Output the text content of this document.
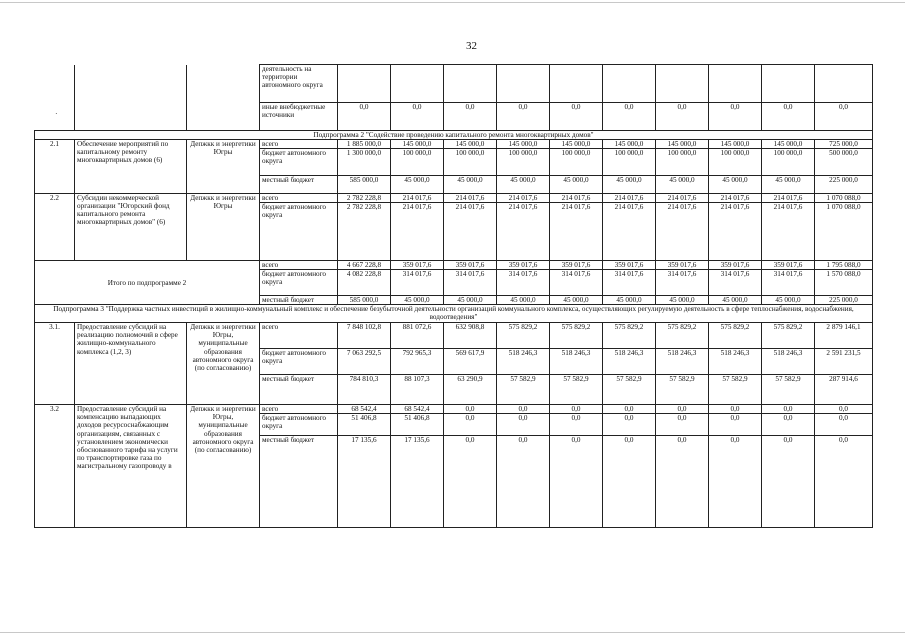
32
.			деятельность на территории автономного округа										
			иные внебюджетные источники	0,0	0,0	0,0	0,0	0,0	0,0	0,0	0,0	0,0	0,0
Подпрограмма 2 "Содействие проведению капитального ремонта многоквартирных домов"													
2.1	Обеспечение мероприятий по капитальному ремонту многоквартирных домов (6)	Депжкк и энергетики Югры	всего	1 885 000,0	145 000,0	145 000,0	145 000,0	145 000,0	145 000,0	145 000,0	145 000,0	145 000,0	725 000,0
			бюджет автономного округа	1 300 000,0	100 000,0	100 000,0	100 000,0	100 000,0	100 000,0	100 000,0	100 000,0	100 000,0	500 000,0
			местный бюджет	585 000,0	45 000,0	45 000,0	45 000,0	45 000,0	45 000,0	45 000,0	45 000,0	45 000,0	225 000,0
2.2	Субсидии некоммерческой организации "Югорский фонд капитального ремонта многоквартирных домов" (6)	Депжкк и энергетики Югры	всего	2 782 228,8	214 017,6	214 017,6	214 017,6	214 017,6	214 017,6	214 017,6	214 017,6	214 017,6	1 070 088,0
			бюджет автономного округа	2 782 228,8	214 017,6	214 017,6	214 017,6	214 017,6	214 017,6	214 017,6	214 017,6	214 017,6	1 070 088,0
Итого по подпрограмме 2			всего	4 667 228,8	359 017,6	359 017,6	359 017,6	359 017,6	359 017,6	359 017,6	359 017,6	359 017,6	1 795 088,0
			бюджет автономного округа	4 082 228,8	314 017,6	314 017,6	314 017,6	314 017,6	314 017,6	314 017,6	314 017,6	314 017,6	1 570 088,0
			местный бюджет	585 000,0	45 000,0	45 000,0	45 000,0	45 000,0	45 000,0	45 000,0	45 000,0	45 000,0	225 000,0
Подпрограмма 3 "Поддержка частных инвестиций в жилищно-коммунальный комплекс и обеспечение безубыточной деятельности организаций коммунального комплекса, осуществляющих регулируемую деятельность в сфере теплоснабжения, водоснабжения, водоотведения"													
3.1.	Предоставление субсидий на реализацию полномочий в сфере жилищно-коммунального комплекса (1,2, 3)	Депжкк и энергетики Югры, муниципальные образования автономного округа (по согласованию)	всего	7 848 102,8	881 072,6	632 908,8	575 829,2	575 829,2	575 829,2	575 829,2	575 829,2	575 829,2	2 879 146,1
			бюджет автономного округа	7 063 292,5	792 965,3	569 617,9	518 246,3	518 246,3	518 246,3	518 246,3	518 246,3	518 246,3	2 591 231,5
			местный бюджет	784 810,3	88 107,3	63 290,9	57 582,9	57 582,9	57 582,9	57 582,9	57 582,9	57 582,9	287 914,6
3.2	Предоставление субсидий на компенсацию выпадающих доходов ресурсоснабжающим организациям, связанных с установлением экономически обоснованного тарифа на услуги по транспортировке газа по магистральному газопроводу в	Депжкк и энергетики Югры, муниципальные образования автономного округа (по согласованию)	всего	68 542,4	68 542,4	0,0	0,0	0,0	0,0	0,0	0,0	0,0	0,0
			бюджет автономного округа	51 406,8	51 406,8	0,0	0,0	0,0	0,0	0,0	0,0	0,0	0,0
			местный бюджет	17 135,6	17 135,6	0,0	0,0	0,0	0,0	0,0	0,0	0,0	0,0
